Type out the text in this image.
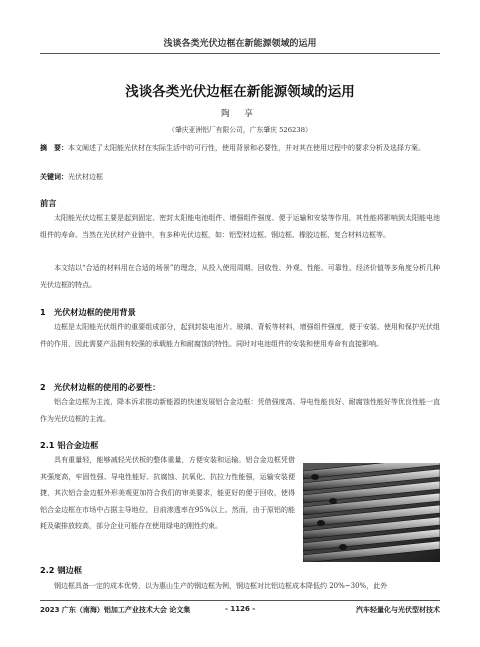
浅谈各类光伏边框在新能源领域的运用
浅谈各类光伏边框在新能源领域的运用
陶 享
（肇庆亚洲铝厂有限公司，广东肇庆 526238）
摘　要：本文阐述了太阳能光伏材在实际生活中的可行性，使用背景和必要性，并对其在使用过程中的要求分析及选择方案。
关键词：光伏材边框
前言
太阳能光伏边框主要是起到固定、密封太阳能电池组件、增强组件强度、便于运输和安装等作用，其性能将影响到太阳能电池组件的寿命。当然在光伏材产业链中，有多种光伏边框，如：铝型材边框、钢边框、橡胶边框、复合材料边框等。
本文结以“合适的材料用在合适的场景”的理念，从投入使用周期、回收性、外观、性能、可靠性、经济价值等多角度分析几种光伏边框的特点。
1　光伏材边框的使用背景
边框是太阳能光伏组件的重要组成部分，起到封装电池片、玻璃、背板等材料，增强组件强度，便于安装、使用和保护光伏组件的作用，因此需要产品拥有较强的承载能力和耐腐蚀的特性。同时对电池组件的安装和使用寿命有直接影响。
2　光伏材边框的使用的必要性：
铝合金边框为主流，降本诉求推动新能源的快速发展铝合金边框：凭借强度高、导电性能良好、耐腐蚀性能好等优良性能一直作为光伏边框的主流。
2.1 铝合金边框
具有重量轻，能够减轻光伏板的整体重量，方便安装和运输。铝合金边框凭借其强度高，牢固性强、导电性能好、抗腐蚀、抗氧化、抗拉力性能强，运输安装便捷，其次铝合金边框外形美观更加符合我们的审美要求，能更好的便于回收，使得铝合金边框在市场中占据主导地位，目前渗透率在95%以上。然而，由于原铝的能耗及碳排放较高，部分企业可能存在使用绿电的刚性约束。
2.2 钢边框
钢边框具备一定的成本优势，以为惠山生产的钢边框为例，钢边框对比铝边框成本降低约 20%~30%，此外
2023 广东（南海）铝加工产业技术大会 论文集	- 1126 -	汽车轻量化与光伏型材技术
